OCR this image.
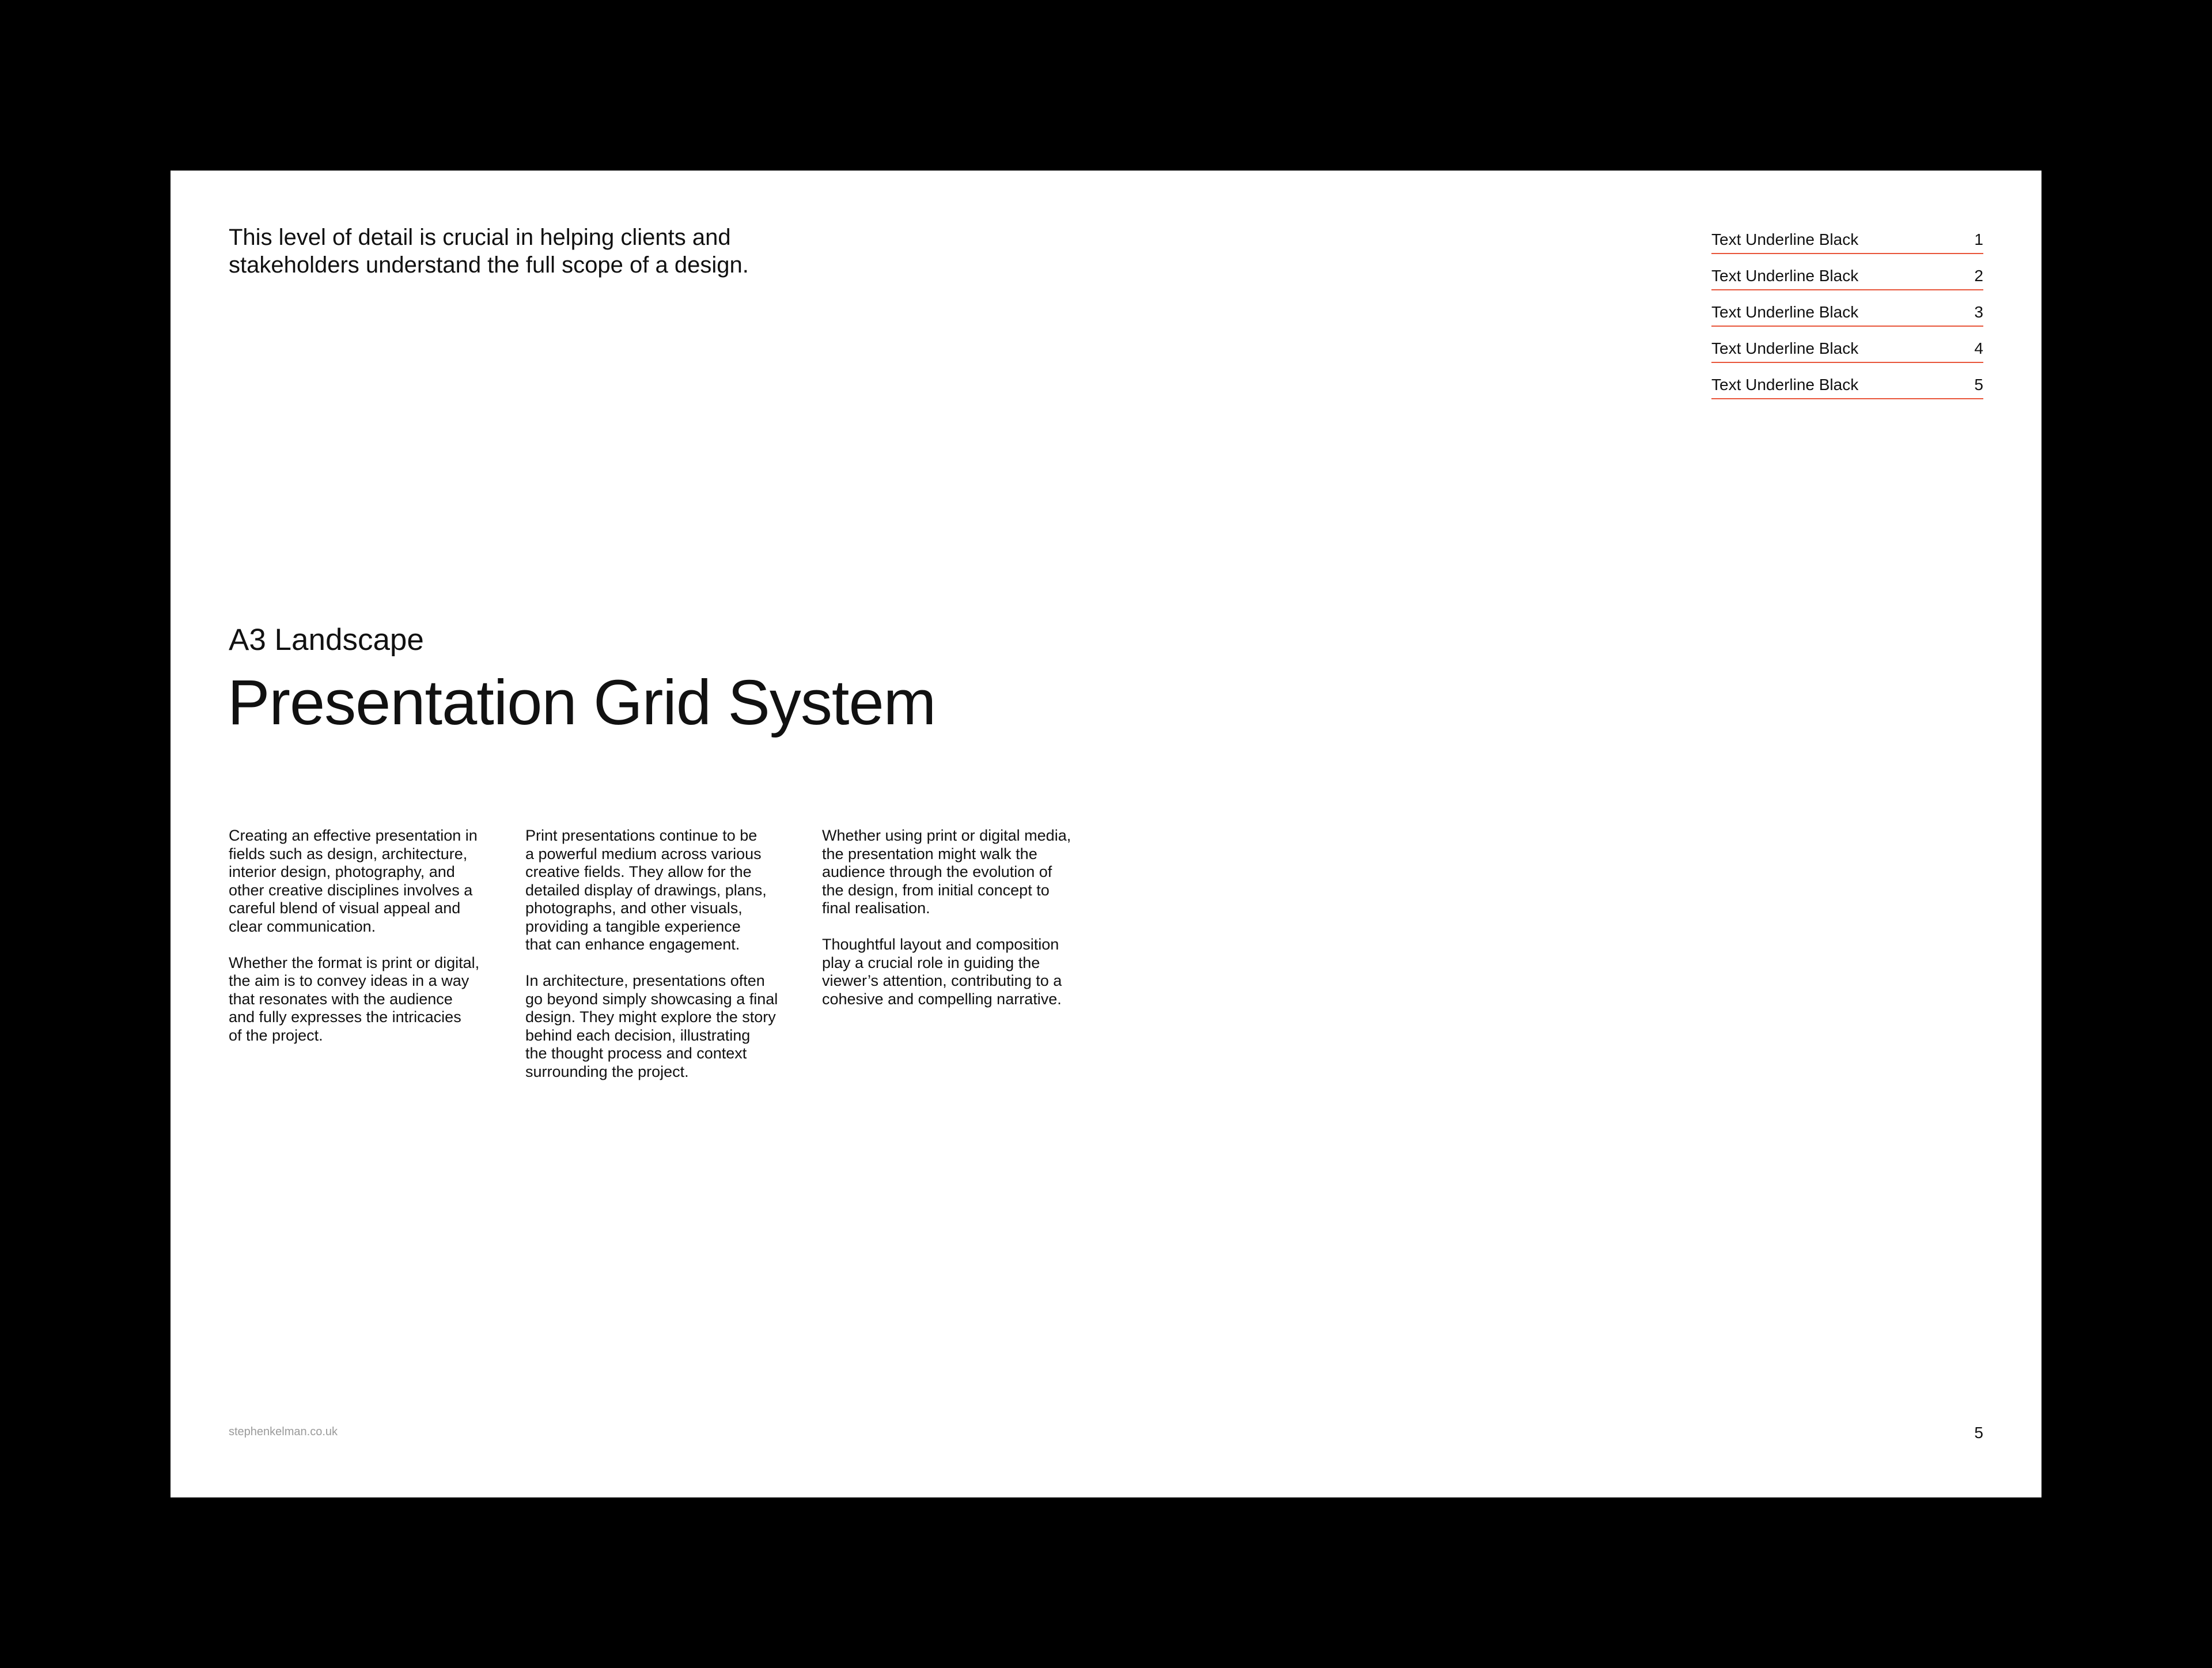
This level of detail is crucial in helping clients and
stakeholders understand the full scope of a design.

Text Underline Black	1
Text Underline Black	2
Text Underline Black	3
Text Underline Black	4
Text Underline Black	5
A3 Landscape
Presentation Grid System

Creating an effective presentation in
fields such as design, architecture,
interior design, photography, and
other creative disciplines involves a
careful blend of visual appeal and
clear communication.

Whether the format is print or digital,
the aim is to convey ideas in a way
that resonates with the audience
and fully expresses the intricacies
of the project.

Print presentations continue to be
a powerful medium across various
creative fields. They allow for the
detailed display of drawings, plans,
photographs, and other visuals,
providing a tangible experience
that can enhance engagement.

In architecture, presentations often
go beyond simply showcasing a final
design. They might explore the story
behind each decision, illustrating
the thought process and context
surrounding the project.

Whether using print or digital media,
the presentation might walk the
audience through the evolution of
the design, from initial concept to
final realisation.

Thoughtful layout and composition
play a crucial role in guiding the
viewer’s attention, contributing to a
cohesive and compelling narrative.

stephenkelman.co.uk	5
